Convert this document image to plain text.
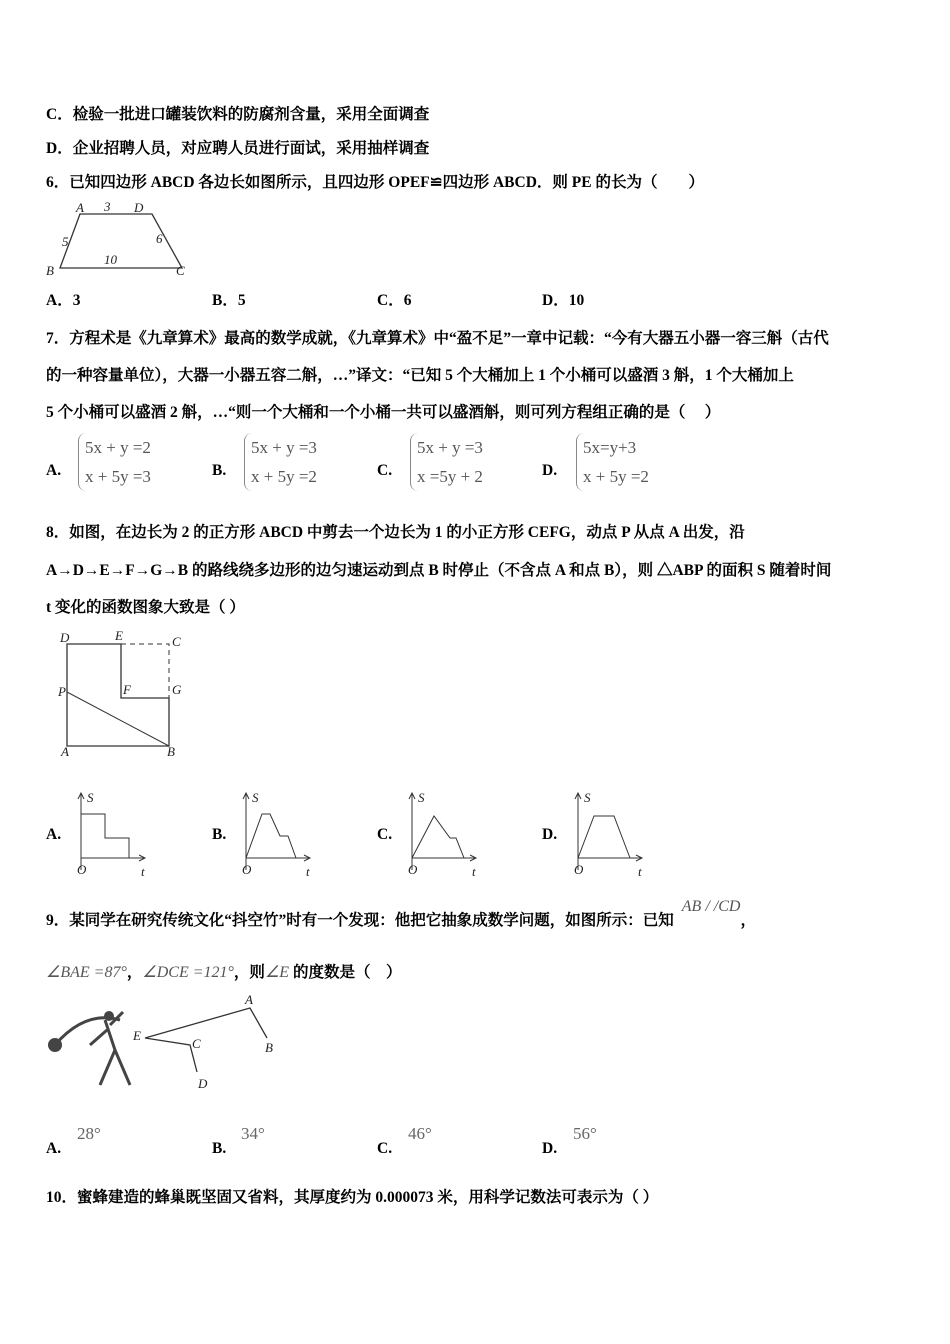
C．检验一批进口罐装饮料的防腐剂含量，采用全面调查
D．企业招聘人员，对应聘人员进行面试，采用抽样调查
6．已知四边形 ABCD 各边长如图所示，且四边形 OPEF≌四边形 ABCD．则 PE 的长为（　　）
A	D
B	C
3
5	6
10
A．3	B．5	C．6	D．10
7．方程术是《九章算术》最高的数学成就，《九章算术》中“盈不足”一章中记载：“今有大器五小器一容三斛（古代
的一种容量单位），大器一小器五容二斛，…”译文：“已知 5 个大桶加上 1 个小桶可以盛酒 3 斛，1 个大桶加上
5 个小桶可以盛酒 2 斛，…“则一个大桶和一个小桶一共可以盛酒斛，则可列方程组正确的是（　 ）
A.
5x + y =2
x + 5y =3	B.
5x + y =3
x + 5y =2	C.
5x + y =3
x =5y + 2	D.
5x=y+3
x + 5y =2
8．如图，在边长为 2 的正方形 ABCD 中剪去一个边长为 1 的小正方形 CEFG，动点 P 从点 A 出发，沿
A→D→E→F→G→B 的路线绕多边形的边匀速运动到点 B 时停止（不含点 A 和点 B），则 △ABP 的面积 S 随着时间
t 变化的函数图象大致是（ ）
D	E	C
F	G
P
A	B
A.
S
O	t
B.
S
O	t
C.
S
O	t
D.
S
O	t
9．某同学在研究传统文化“抖空竹”时有一个发现：他把它抽象成数学问题，如图所示：已知AB / /CD，
∠BAE =87°，∠DCE =121°，则∠E 的度数是（　）
E
A
B
C
D
A.
28°
B.
34°
C.
46°
D.
56°
10．蜜蜂建造的蜂巢既坚固又省料，其厚度约为 0.000073 米，用科学记数法可表示为（ ）
